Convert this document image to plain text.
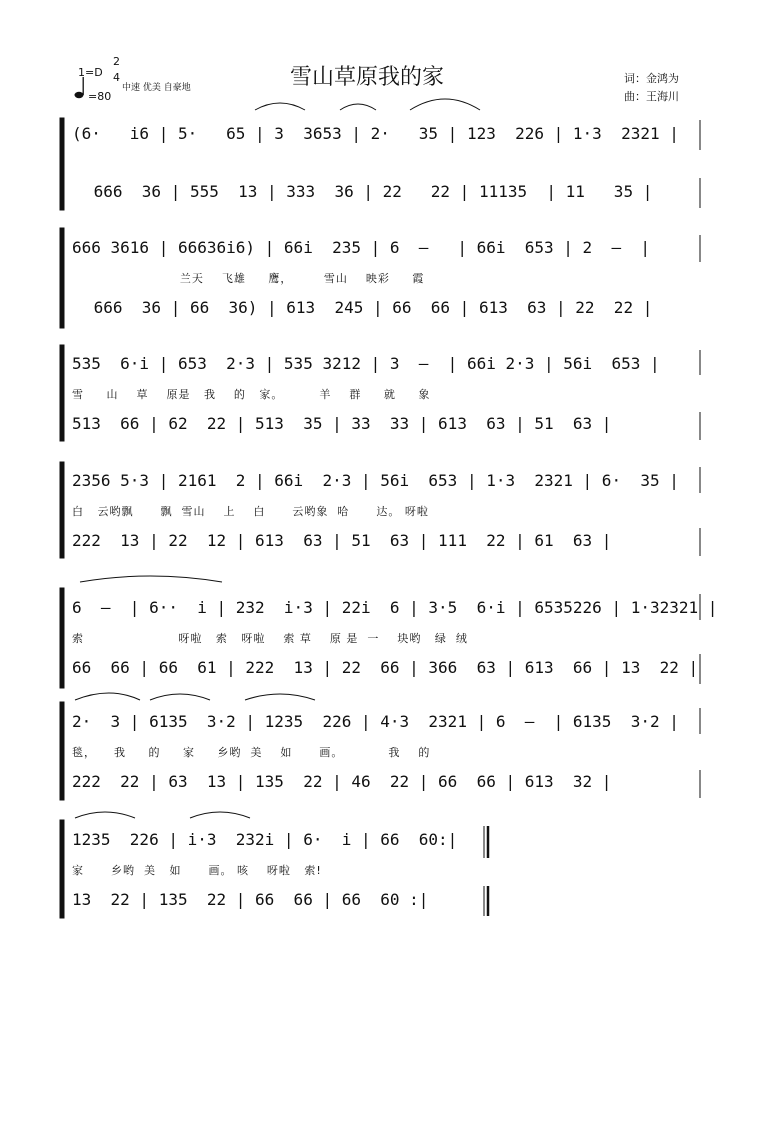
雪山草原我的家	词：金鸿为
曲：王海川
1=D
2
4
中速 优美 自豪地
=80
(6·   i6 | 5·   65 | 3  3653 | 2·   35 | 123  226 | 1·3  2321 |
666  36 | 555  13 | 333  36 | 22   22 | 11135  | 11   35 |
666 3616 | 66636i6) | 66i  235 | 6  –   | 66i  653 | 2  –  |
兰天    飞雄     鹰，       雪山    映彩     霞
666  36 | 66  36) | 613  245 | 66  66 | 613  63 | 22  22 |
535  6·i | 653  2·3 | 535 3212 | 3  –  | 66i 2·3 | 56i  653 |
雪     山    草    原是   我    的   家。        羊    群     就     象
513  66 | 62  22 | 513  35 | 33  33 | 613  63 | 51  63 |
2356 5·3 | 2161  2 | 66i  2·3 | 56i  653 | 1·3  2321 | 6·  35 |
白   云哟飘      飘  雪山    上    白      云哟象  哈      达。 呀啦
222  13 | 22  12 | 613  63 | 51  63 | 111  22 | 61  63 |
6  –  | 6··  i | 232  i·3 | 22i  6 | 3·5  6·i | 6535226 | 1·32321 |
索                     呀啦   索   呀啦    索 草    原 是  一    块哟   绿  绒
66  66 | 66  61 | 222  13 | 22  66 | 366  63 | 613  66 | 13  22 |
2·  3 | 6135  3·2 | 1235  226 | 4·3  2321 | 6  –  | 6135  3·2 |
毯，    我     的     家     乡哟  美    如      画。          我    的
222  22 | 63  13 | 135  22 | 46  22 | 66  66 | 613  32 |
1235  226 | i·3  232i | 6·  i | 66  60:|
家      乡哟  美   如      画。 咳    呀啦   索!
13  22 | 135  22 | 66  66 | 66  60 :|
